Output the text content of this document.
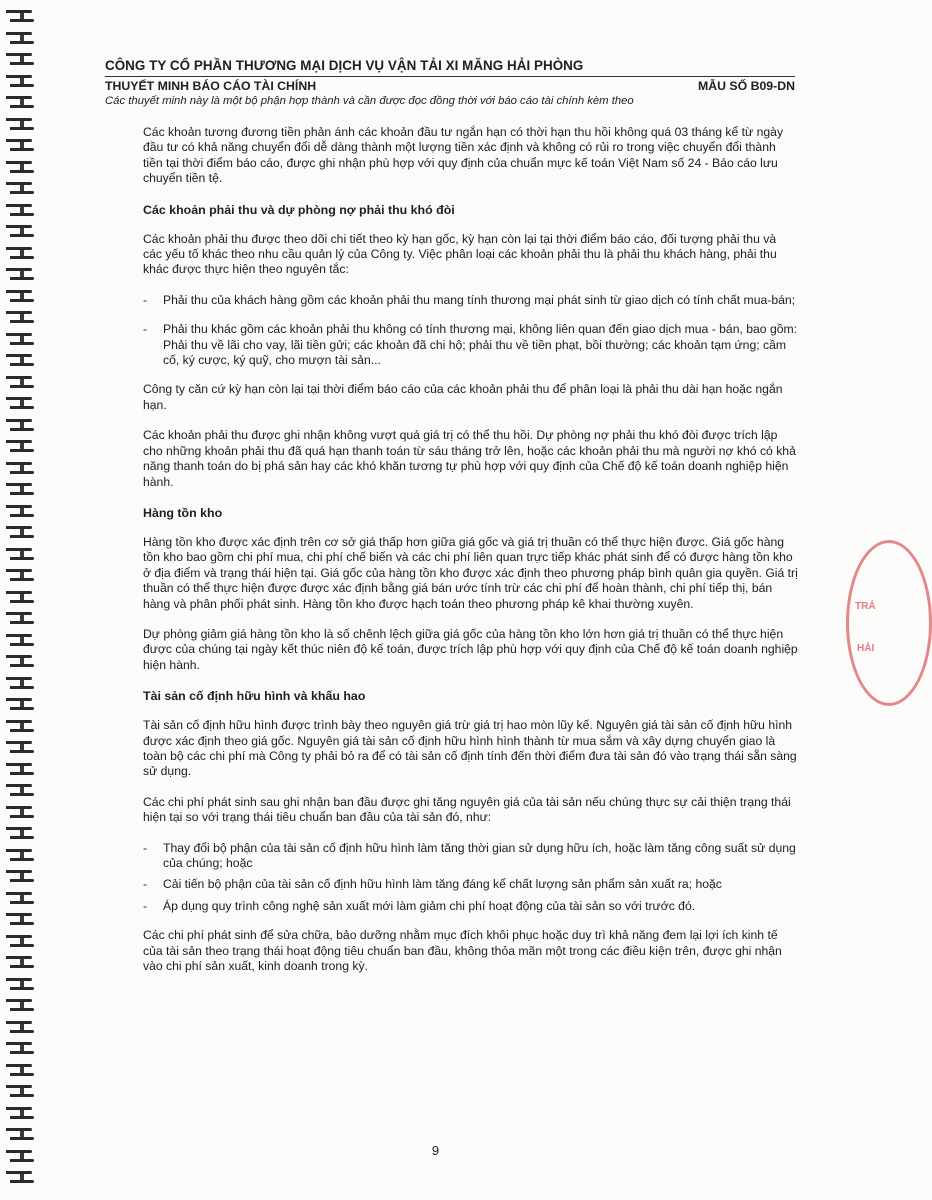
CÔNG TY CỔ PHẦN THƯƠNG MẠI DỊCH VỤ VẬN TẢI XI MĂNG HẢI PHÒNG
THUYẾT MINH BÁO CÁO TÀI CHÍNH	MẪU SỐ B09-DN
Các thuyết minh này là một bộ phận hợp thành và cần được đọc đồng thời với báo cáo tài chính kèm theo

Các khoản tương đương tiền phản ánh các khoản đầu tư ngắn hạn có thời hạn thu hồi không quá 03 tháng kể từ ngày đầu tư có khả năng chuyển đổi dễ dàng thành một lượng tiền xác định và không có rủi ro trong việc chuyển đổi thành tiền tại thời điểm báo cáo, được ghi nhận phù hợp với quy định của chuẩn mực kế toán Việt Nam số 24 - Báo cáo lưu chuyển tiền tệ.

Các khoản phải thu và dự phòng nợ phải thu khó đòi

Các khoản phải thu được theo dõi chi tiết theo kỳ hạn gốc, kỳ hạn còn lại tại thời điểm báo cáo, đối tượng phải thu và các yếu tố khác theo nhu cầu quản lý của Công ty. Việc phân loại các khoản phải thu là phải thu khách hàng, phải thu khác được thực hiện theo nguyên tắc:

- Phải thu của khách hàng gồm các khoản phải thu mang tính thương mại phát sinh từ giao dịch có tính chất mua-bán;
- Phải thu khác gồm các khoản phải thu không có tính thương mại, không liên quan đến giao dịch mua - bán, bao gồm: Phải thu về lãi cho vay, lãi tiền gửi; các khoản đã chi hộ; phải thu về tiền phạt, bồi thường; các khoản tạm ứng; cầm cố, ký cược, ký quỹ, cho mượn tài sản...

Công ty căn cứ kỳ hạn còn lại tại thời điểm báo cáo của các khoản phải thu để phân loại là phải thu dài hạn hoặc ngắn hạn.

Các khoản phải thu được ghi nhận không vượt quá giá trị có thể thu hồi. Dự phòng nợ phải thu khó đòi được trích lập cho những khoản phải thu đã quá hạn thanh toán từ sáu tháng trở lên, hoặc các khoản phải thu mà người nợ khó có khả năng thanh toán do bị phá sản hay các khó khăn tương tự phù hợp với quy định của Chế độ kế toán doanh nghiệp hiện hành.

Hàng tồn kho

Hàng tồn kho được xác định trên cơ sở giá thấp hơn giữa giá gốc và giá trị thuần có thể thực hiện được. Giá gốc hàng tồn kho bao gồm chi phí mua, chi phí chế biến và các chi phí liên quan trực tiếp khác phát sinh để có được hàng tồn kho ở địa điểm và trạng thái hiện tại. Giá gốc của hàng tồn kho được xác định theo phương pháp bình quân gia quyền. Giá trị thuần có thể thực hiện được được xác định bằng giá bán ước tính trừ các chi phí để hoàn thành, chi phí tiếp thị, bán hàng và phân phối phát sinh. Hàng tồn kho được hạch toán theo phương pháp kê khai thường xuyên.

Dự phòng giảm giá hàng tồn kho là số chênh lệch giữa giá gốc của hàng tồn kho lớn hơn giá trị thuần có thể thực hiện được của chúng tại ngày kết thúc niên độ kế toán, được trích lập phù hợp với quy định của Chế độ kế toán doanh nghiệp hiện hành.

Tài sản cố định hữu hình và khấu hao

Tài sản cố định hữu hình được trình bày theo nguyên giá trừ giá trị hao mòn lũy kế. Nguyên giá tài sản cố định hữu hình được xác định theo giá gốc. Nguyên giá tài sản cố định hữu hình hình thành từ mua sắm và xây dựng chuyển giao là toàn bộ các chi phí mà Công ty phải bỏ ra để có tài sản cố định tính đến thời điểm đưa tài sản đó vào trạng thái sẵn sàng sử dụng.

Các chi phí phát sinh sau ghi nhận ban đầu được ghi tăng nguyên giá của tài sản nếu chúng thực sự cải thiện trạng thái hiện tại so với trạng thái tiêu chuẩn ban đầu của tài sản đó, như:

- Thay đổi bộ phận của tài sản cố định hữu hình làm tăng thời gian sử dụng hữu ích, hoặc làm tăng công suất sử dụng của chúng; hoặc
- Cải tiến bộ phận của tài sản cố định hữu hình làm tăng đáng kể chất lượng sản phẩm sản xuất ra; hoặc
- Áp dụng quy trình công nghệ sản xuất mới làm giảm chi phí hoạt động của tài sản so với trước đó.

Các chi phí phát sinh để sửa chữa, bảo dưỡng nhằm mục đích khôi phục hoặc duy trì khả năng đem lại lợi ích kinh tế của tài sản theo trạng thái hoạt động tiêu chuẩn ban đầu, không thỏa mãn một trong các điều kiện trên, được ghi nhận vào chi phí sản xuất, kinh doanh trong kỳ.

9
TRẢ
HẢI
